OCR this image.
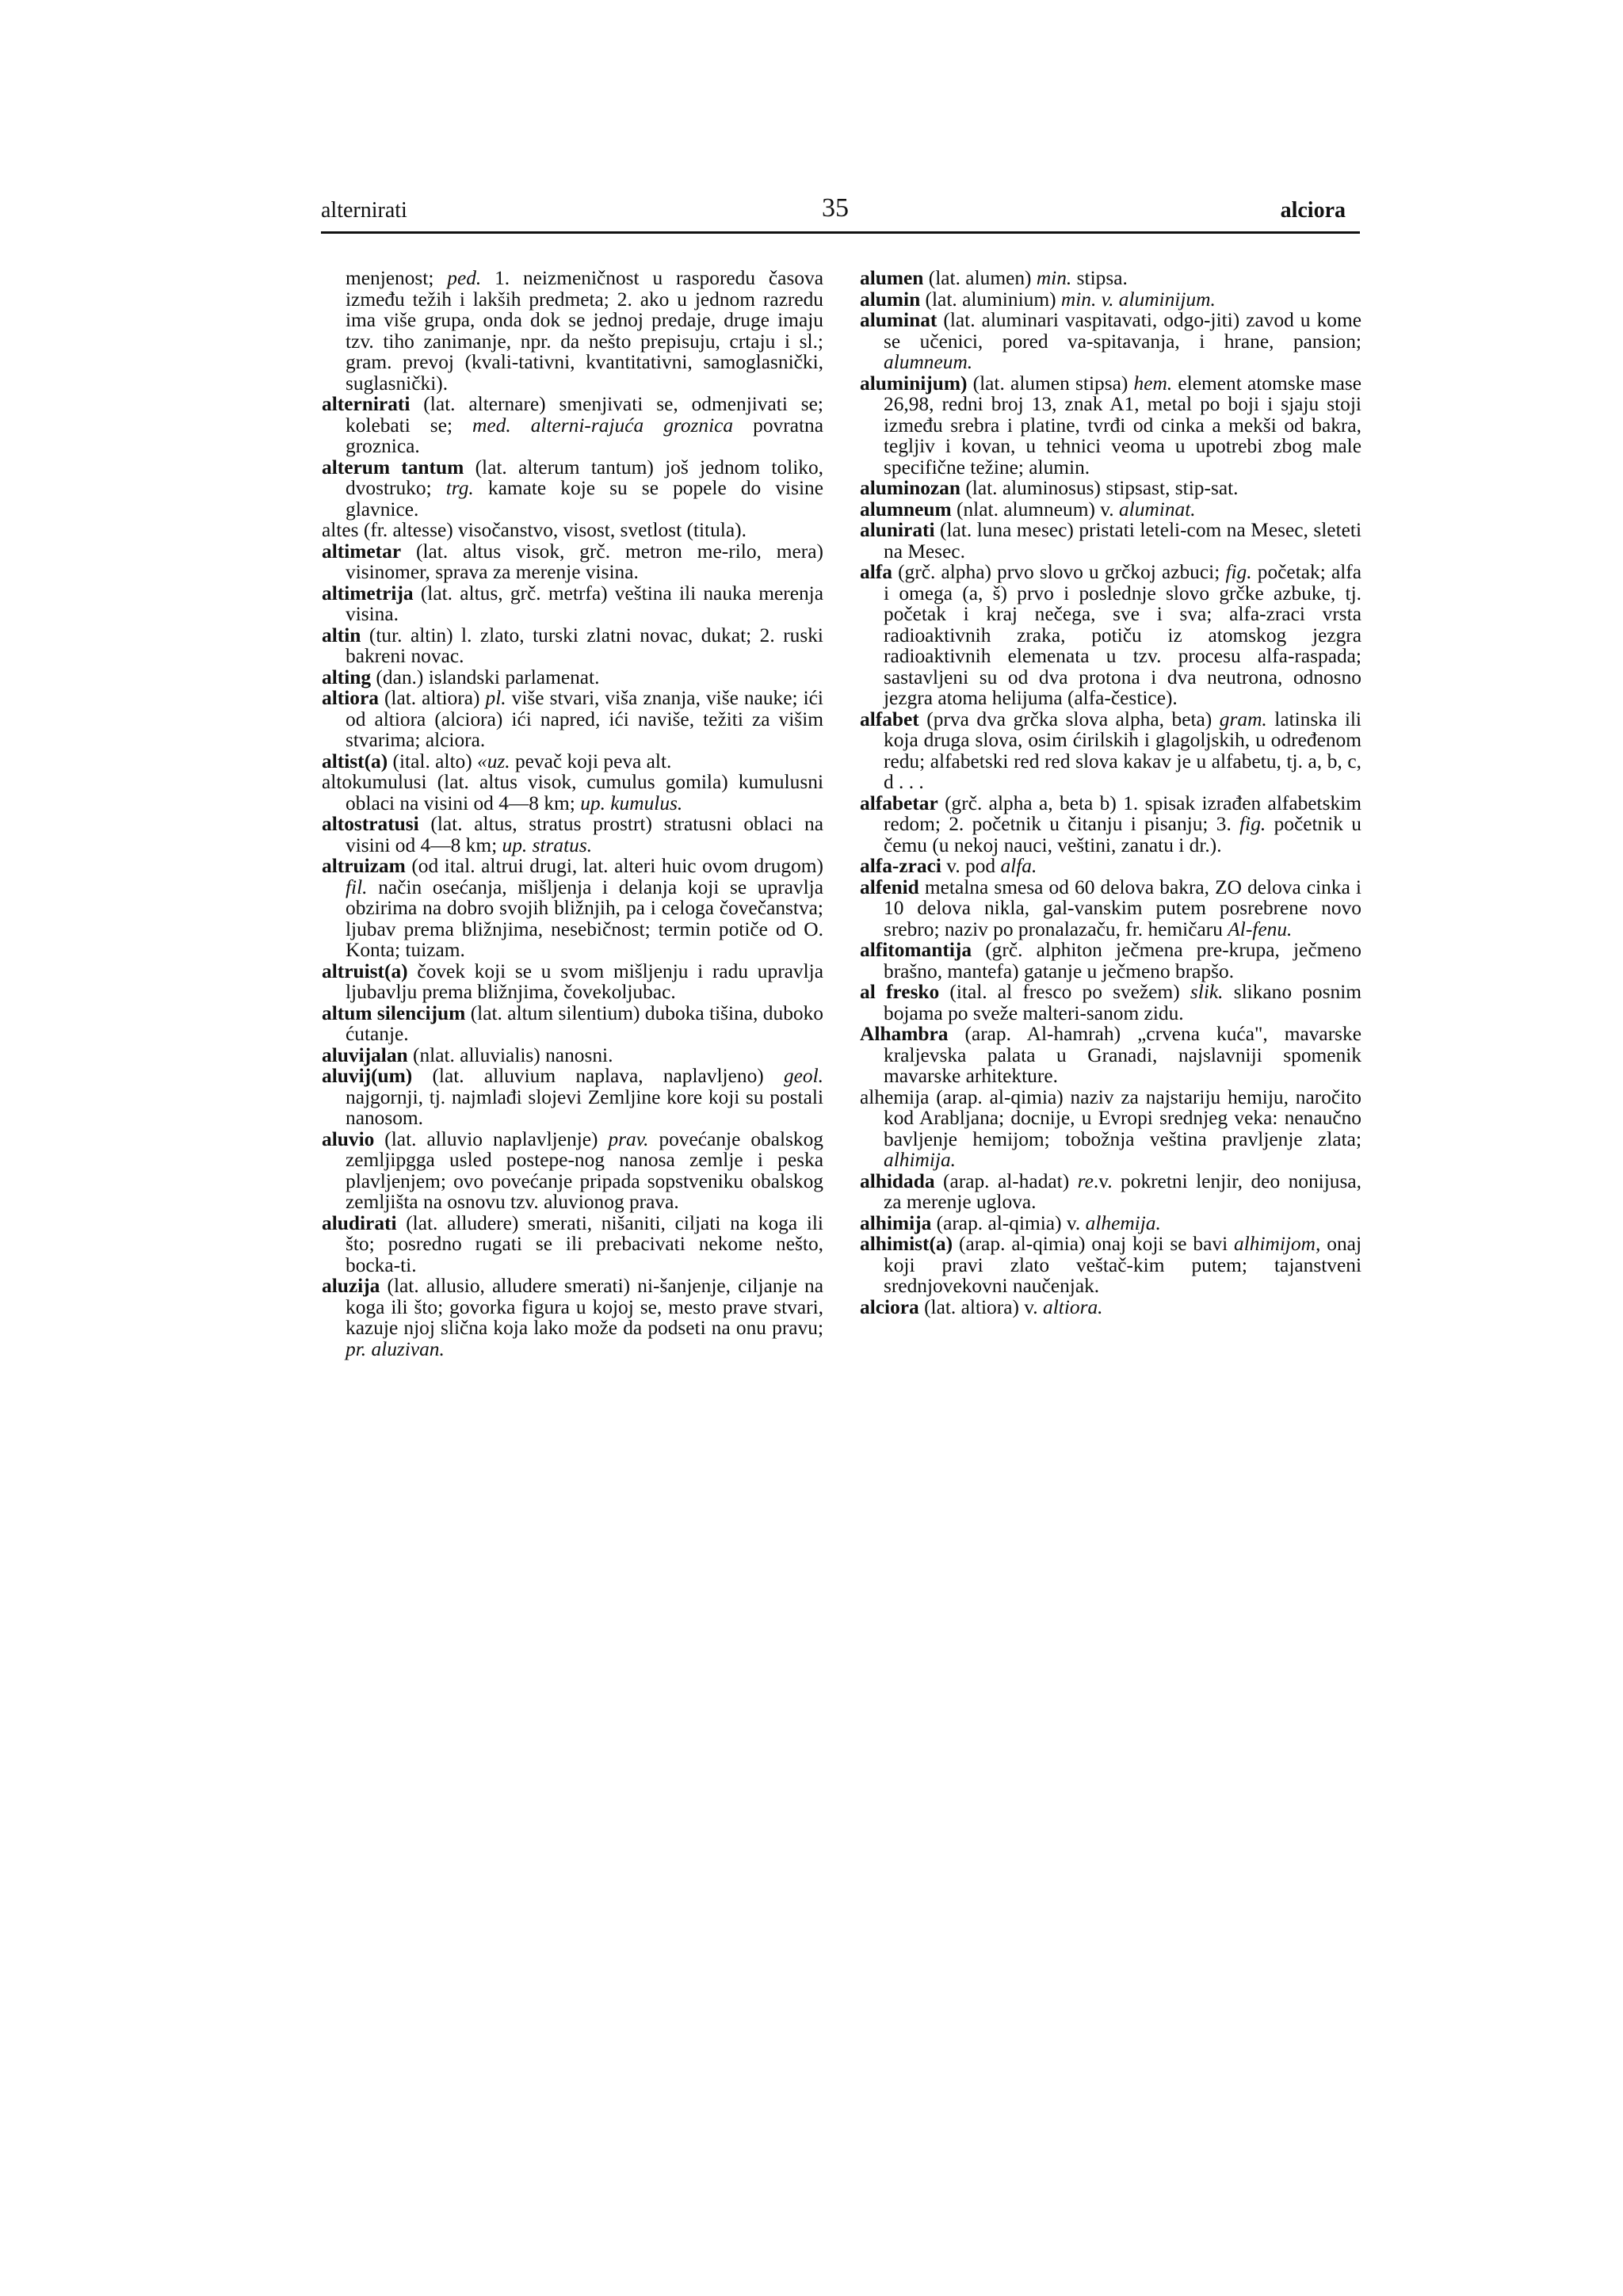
alternirati	35	alciora

menjenost; ped. 1. neizmeničnost u rasporedu časova između težih i lakših predmeta; 2. ako u jednom razredu ima više grupa, onda dok se jednoj predaje, druge imaju tzv. tiho zanimanje, npr. da nešto prepisuju, crtaju i sl.; gram. prevoj (kvali-tativni, kvantitativni, samoglasnički, suglasnički).

alternirati (lat. alternare) smenjivati se, odmenjivati se; kolebati se; med. alterni-rajuća groznica povratna groznica.

alterum tantum (lat. alterum tantum) još jednom toliko, dvostruko; trg. kamate koje su se popele do visine glavnice.

altes (fr. altesse) visočanstvo, visost, svetlost (titula).

altimetar (lat. altus visok, grč. metron me-rilo, mera) visinomer, sprava za merenje visina.

altimetrija (lat. altus, grč. metrfa) veština ili nauka merenja visina.

altin (tur. altin) l. zlato, turski zlatni novac, dukat; 2. ruski bakreni novac.

alting (dan.) islandski parlamenat.

altiora (lat. altiora) pl. više stvari, viša znanja, više nauke; ići od altiora (alciora) ići napred, ići naviše, težiti za višim stvarima; alciora.

altist(a) (ital. alto) «uz. pevač koji peva alt.

altokumulusi (lat. altus visok, cumulus gomila) kumulusni oblaci na visini od 4—8 km; up. kumulus.

altostratusi (lat. altus, stratus prostrt) stratusni oblaci na visini od 4—8 km; up. stratus.

altruizam (od ital. altrui drugi, lat. alteri huic ovom drugom) fil. način osećanja, mišljenja i delanja koji se upravlja obzirima na dobro svojih bližnjih, pa i celoga čovečanstva; ljubav prema bližnjima, nesebičnost; termin potiče od O. Konta; tuizam.

altruist(a) čovek koji se u svom mišljenju i radu upravlja ljubavlju prema bližnjima, čovekoljubac.

altum silencijum (lat. altum silentium) duboka tišina, duboko ćutanje.

aluvijalan (nlat. alluvialis) nanosni.

aluvij(um) (lat. alluvium naplava, naplavljeno) geol. najgornji, tj. najmlađi slojevi Zemljine kore koji su postali nanosom.

aluvio (lat. alluvio naplavljenje) prav. povećanje obalskog zemljipgga usled postepe-nog nanosa zemlje i peska plavljenjem; ovo povećanje pripada sopstveniku obalskog zemljišta na osnovu tzv. aluvionog prava.

aludirati (lat. alludere) smerati, nišaniti, ciljati na koga ili što; posredno rugati se ili prebacivati nekome nešto, bocka-ti.

aluzija (lat. allusio, alludere smerati) ni-šanjenje, ciljanje na koga ili što; govorka figura u kojoj se, mesto prave stvari, kazuje njoj slična koja lako može da podseti na onu pravu; pr. aluzivan.

alumen (lat. alumen) min. stipsa.

alumin (lat. aluminium) min. v. aluminijum.

aluminat (lat. aluminari vaspitavati, odgo-jiti) zavod u kome se učenici, pored va-spitavanja, i hrane, pansion; alumneum.

aluminijum) (lat. alumen stipsa) hem. element atomske mase 26,98, redni broj 13, znak A1, metal po boji i sjaju stoji između srebra i platine, tvrđi od cinka a mekši od bakra, tegljiv i kovan, u tehnici veoma u upotrebi zbog male specifične težine; alumin.

aluminozan (lat. aluminosus) stipsast, stip-sat.

alumneum (nlat. alumneum) v. aluminat.

alunirati (lat. luna mesec) pristati leteli-com na Mesec, sleteti na Mesec.

alfa (grč. alpha) prvo slovo u grčkoj azbuci; fig. početak; alfa i omega (a, š) prvo i poslednje slovo grčke azbuke, tj. početak i kraj nečega, sve i sva; alfa-zraci vrsta radioaktivnih zraka, potiču iz atomskog jezgra radioaktivnih elemenata u tzv. procesu alfa-raspada; sastavljeni su od dva protona i dva neutrona, odnosno jezgra atoma helijuma (alfa-čestice).

alfabet (prva dva grčka slova alpha, beta) gram. latinska ili koja druga slova, osim ćirilskih i glagoljskih, u određenom redu; alfabetski red red slova kakav je u alfabetu, tj. a, b, c, d . . .

alfabetar (grč. alpha a, beta b) 1. spisak izrađen alfabetskim redom; 2. početnik u čitanju i pisanju; 3. fig. početnik u čemu (u nekoj nauci, veštini, zanatu i dr.).

alfa-zraci v. pod alfa.

alfenid metalna smesa od 60 delova bakra, ZO delova cinka i 10 delova nikla, gal-vanskim putem posrebrene novo srebro; naziv po pronalazaču, fr. hemičaru Al-fenu.

alfitomantija (grč. alphiton ječmena pre-krupa, ječmeno brašno, mantefa) gatanje u ječmeno brapšo.

al fresko (ital. al fresco po svežem) slik. slikano posnim bojama po sveže malteri-sanom zidu.

Alhambra (arap. Al-hamrah) „crvena kuća", mavarske kraljevska palata u Granadi, najslavniji spomenik mavarske arhitekture.

alhemija (arap. al-qimia) naziv za najstariju hemiju, naročito kod Arabljana; docnije, u Evropi srednjeg veka: nenaučno bavljenje hemijom; tobožnja veština pravljenje zlata; alhimija.

alhidada (arap. al-hadat) re.v. pokretni lenjir, deo nonijusa, za merenje uglova.

alhimija (arap. al-qimia) v. alhemija.

alhimist(a) (arap. al-qimia) onaj koji se bavi alhimijom, onaj koji pravi zlato veštač-kim putem; tajanstveni srednjovekovni naučenjak.

alciora (lat. altiora) v. altiora.
